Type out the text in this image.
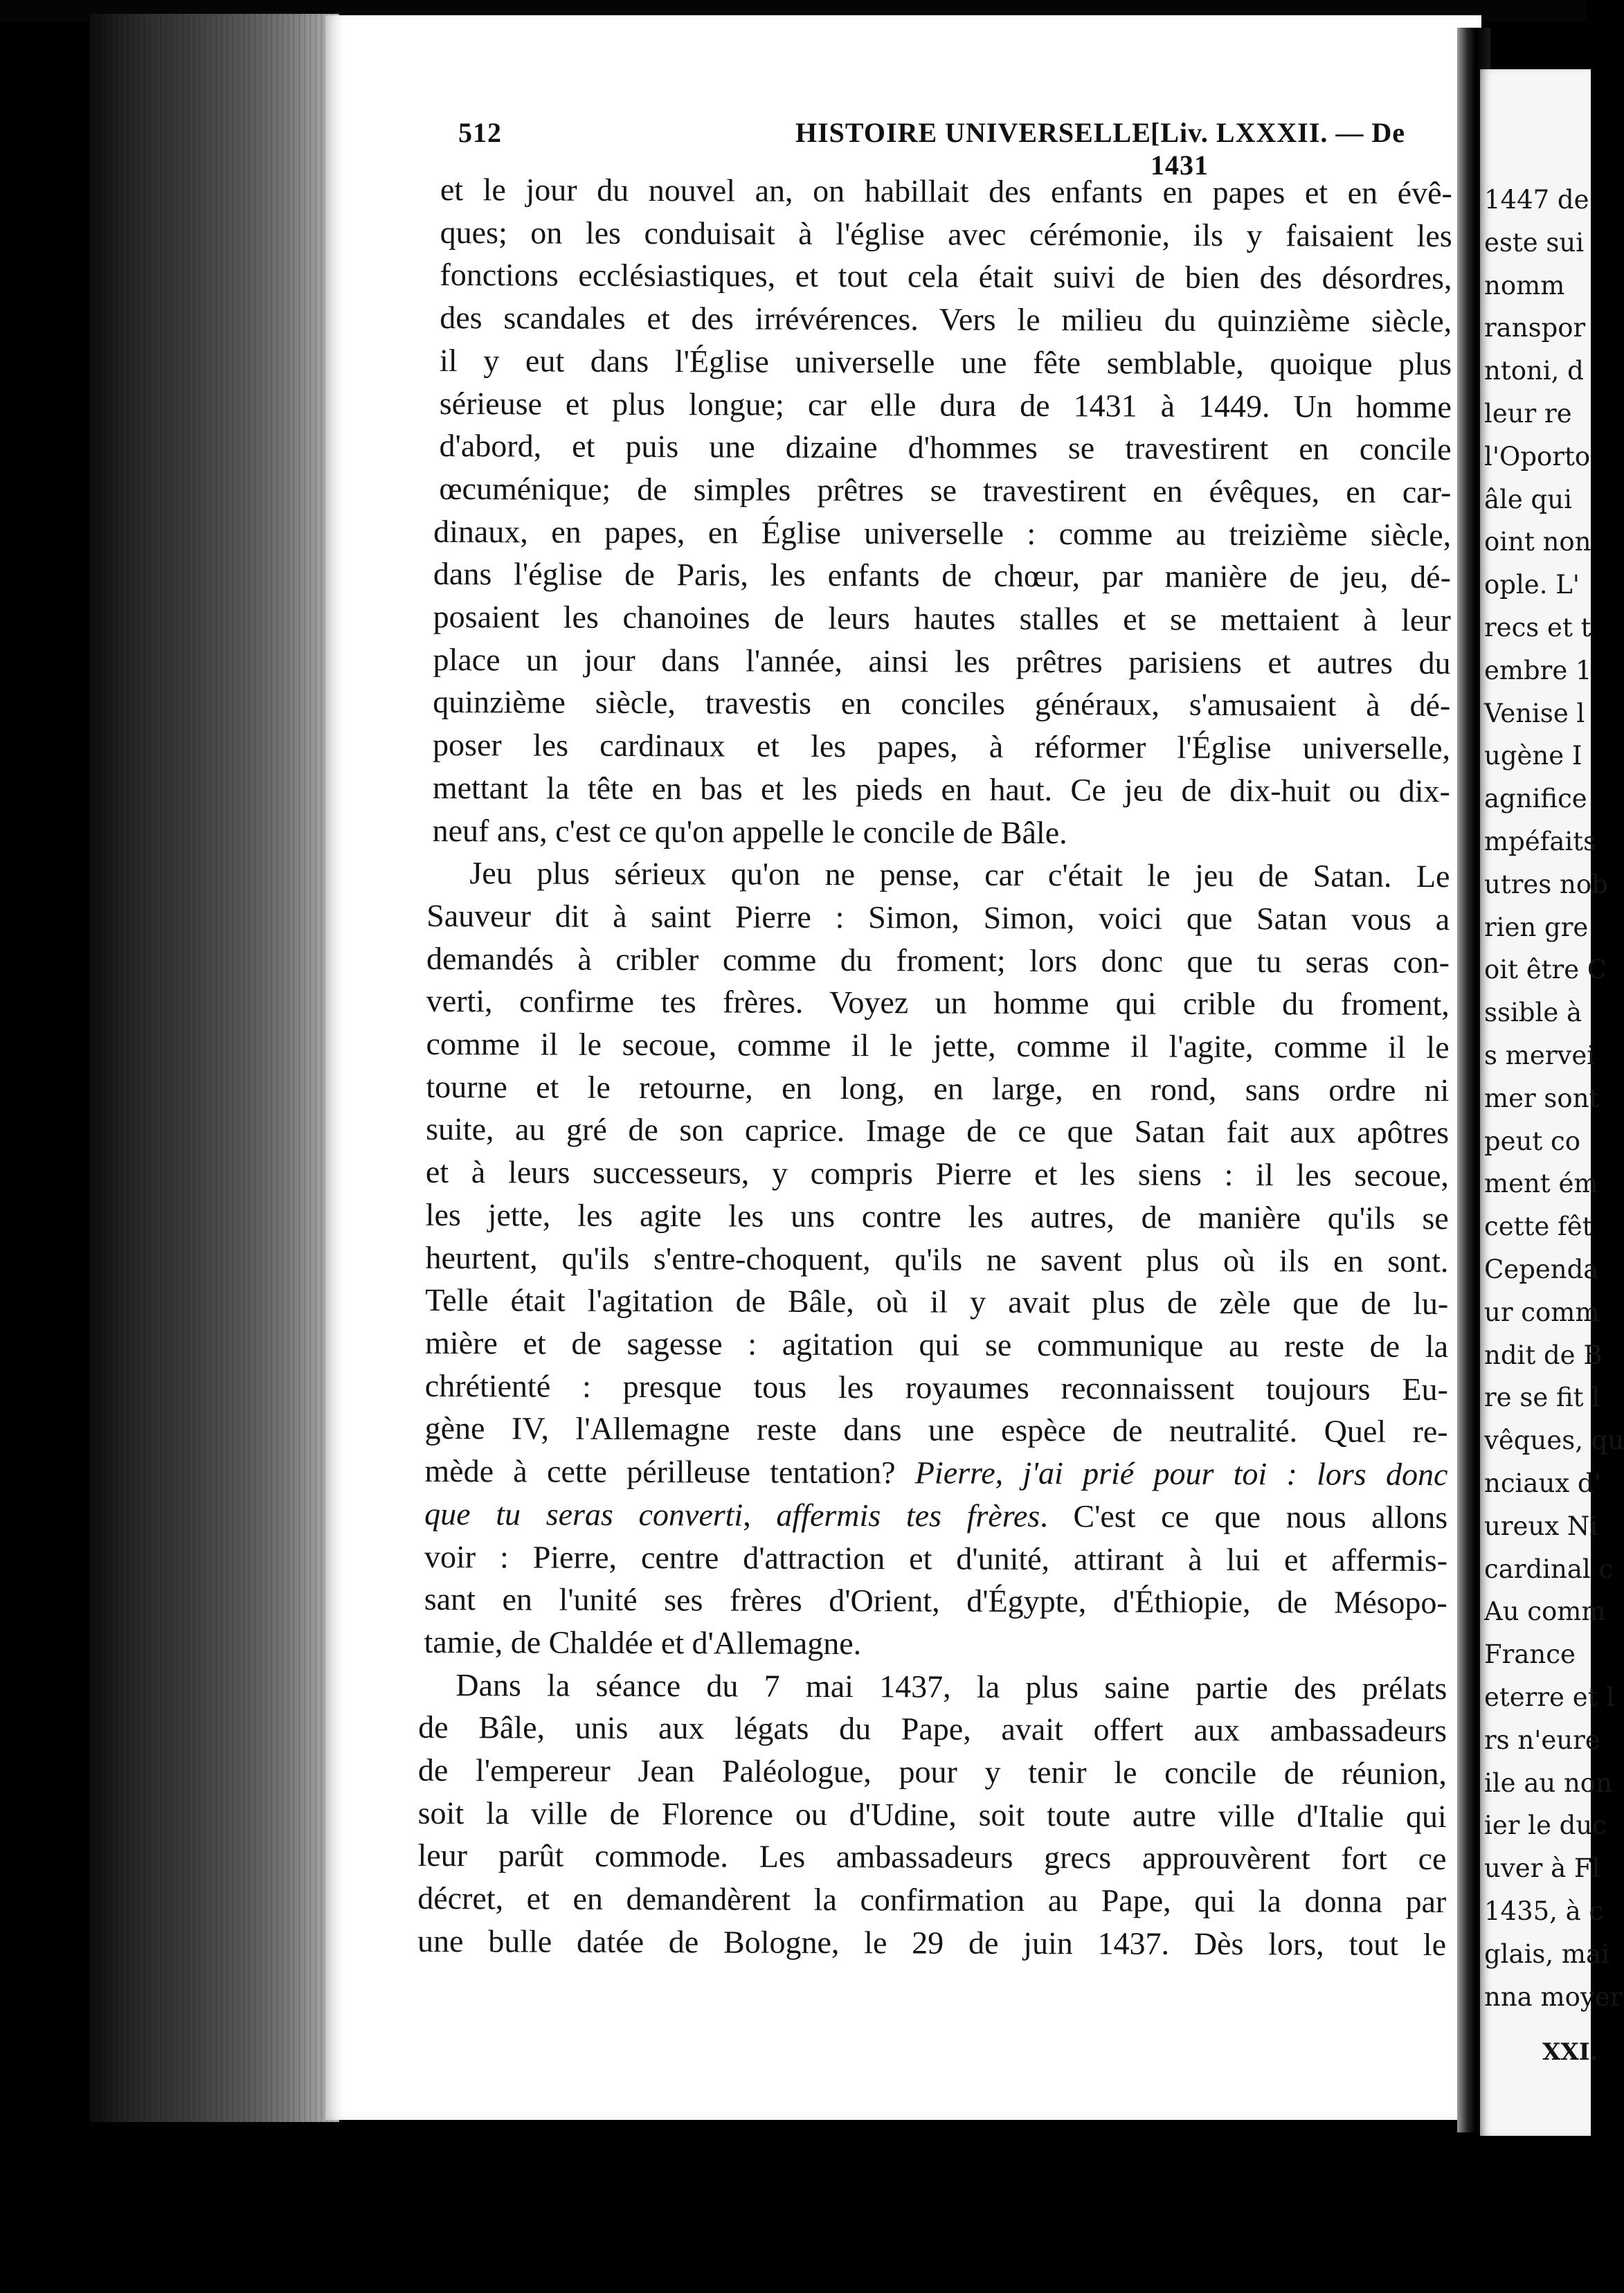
512	HISTOIRE UNIVERSELLE [Liv. LXXXII. — De 1431
et le jour du nouvel an, on habillait des enfants en papes et en évê-
ques; on les conduisait à l'église avec cérémonie, ils y faisaient les
fonctions ecclésiastiques, et tout cela était suivi de bien des désordres,
des scandales et des irrévérences. Vers le milieu du quinzième siècle,
il y eut dans l'Église universelle une fête semblable, quoique plus
sérieuse et plus longue; car elle dura de 1431 à 1449. Un homme
d'abord, et puis une dizaine d'hommes se travestirent en concile
œcuménique; de simples prêtres se travestirent en évêques, en car-
dinaux, en papes, en Église universelle : comme au treizième siècle,
dans l'église de Paris, les enfants de chœur, par manière de jeu, dé-
posaient les chanoines de leurs hautes stalles et se mettaient à leur
place un jour dans l'année, ainsi les prêtres parisiens et autres du
quinzième siècle, travestis en conciles généraux, s'amusaient à dé-
poser les cardinaux et les papes, à réformer l'Église universelle,
mettant la tête en bas et les pieds en haut. Ce jeu de dix-huit ou dix-
neuf ans, c'est ce qu'on appelle le concile de Bâle.
Jeu plus sérieux qu'on ne pense, car c'était le jeu de Satan. Le
Sauveur dit à saint Pierre : Simon, Simon, voici que Satan vous a
demandés à cribler comme du froment; lors donc que tu seras con-
verti, confirme tes frères. Voyez un homme qui crible du froment,
comme il le secoue, comme il le jette, comme il l'agite, comme il le
tourne et le retourne, en long, en large, en rond, sans ordre ni
suite, au gré de son caprice. Image de ce que Satan fait aux apôtres
et à leurs successeurs, y compris Pierre et les siens : il les secoue,
les jette, les agite les uns contre les autres, de manière qu'ils se
heurtent, qu'ils s'entre-choquent, qu'ils ne savent plus où ils en sont.
Telle était l'agitation de Bâle, où il y avait plus de zèle que de lu-
mière et de sagesse : agitation qui se communique au reste de la
chrétienté : presque tous les royaumes reconnaissent toujours Eu-
gène IV, l'Allemagne reste dans une espèce de neutralité. Quel re-
mède à cette périlleuse tentation? Pierre, j'ai prié pour toi : lors donc
que tu seras converti, affermis tes frères. C'est ce que nous allons
voir : Pierre, centre d'attraction et d'unité, attirant à lui et affermis-
sant en l'unité ses frères d'Orient, d'Égypte, d'Éthiopie, de Mésopo-
tamie, de Chaldée et d'Allemagne.
Dans la séance du 7 mai 1437, la plus saine partie des prélats
de Bâle, unis aux légats du Pape, avait offert aux ambassadeurs
de l'empereur Jean Paléologue, pour y tenir le concile de réunion,
soit la ville de Florence ou d'Udine, soit toute autre ville d'Italie qui
leur parût commode. Les ambassadeurs grecs approuvèrent fort ce
décret, et en demandèrent la confirmation au Pape, qui la donna par
une bulle datée de Bologne, le 29 de juin 1437. Dès lors, tout le
1447 de
este sui
nomm
ranspor
ntoni, d
leur re
l'Oporto
âle qui
oint non
ople. L'
recs et t
embre 1
Venise l
ugène I
agnifice
mpéfaits
utres nob
rien gre
oit être C
ssible à
s mervei
mer sont
peut co
ment ém
cette fêt
Cependa
ur comm
ndit de B
re se fit l
vêques, qu
nciaux d'
ureux Ni
cardinal c
Au comm
France
eterre et l
rs n'eure
ile au non
ier le duc
uver à Fl
1435, à c
glais, mai
nna moyer
XXI.
